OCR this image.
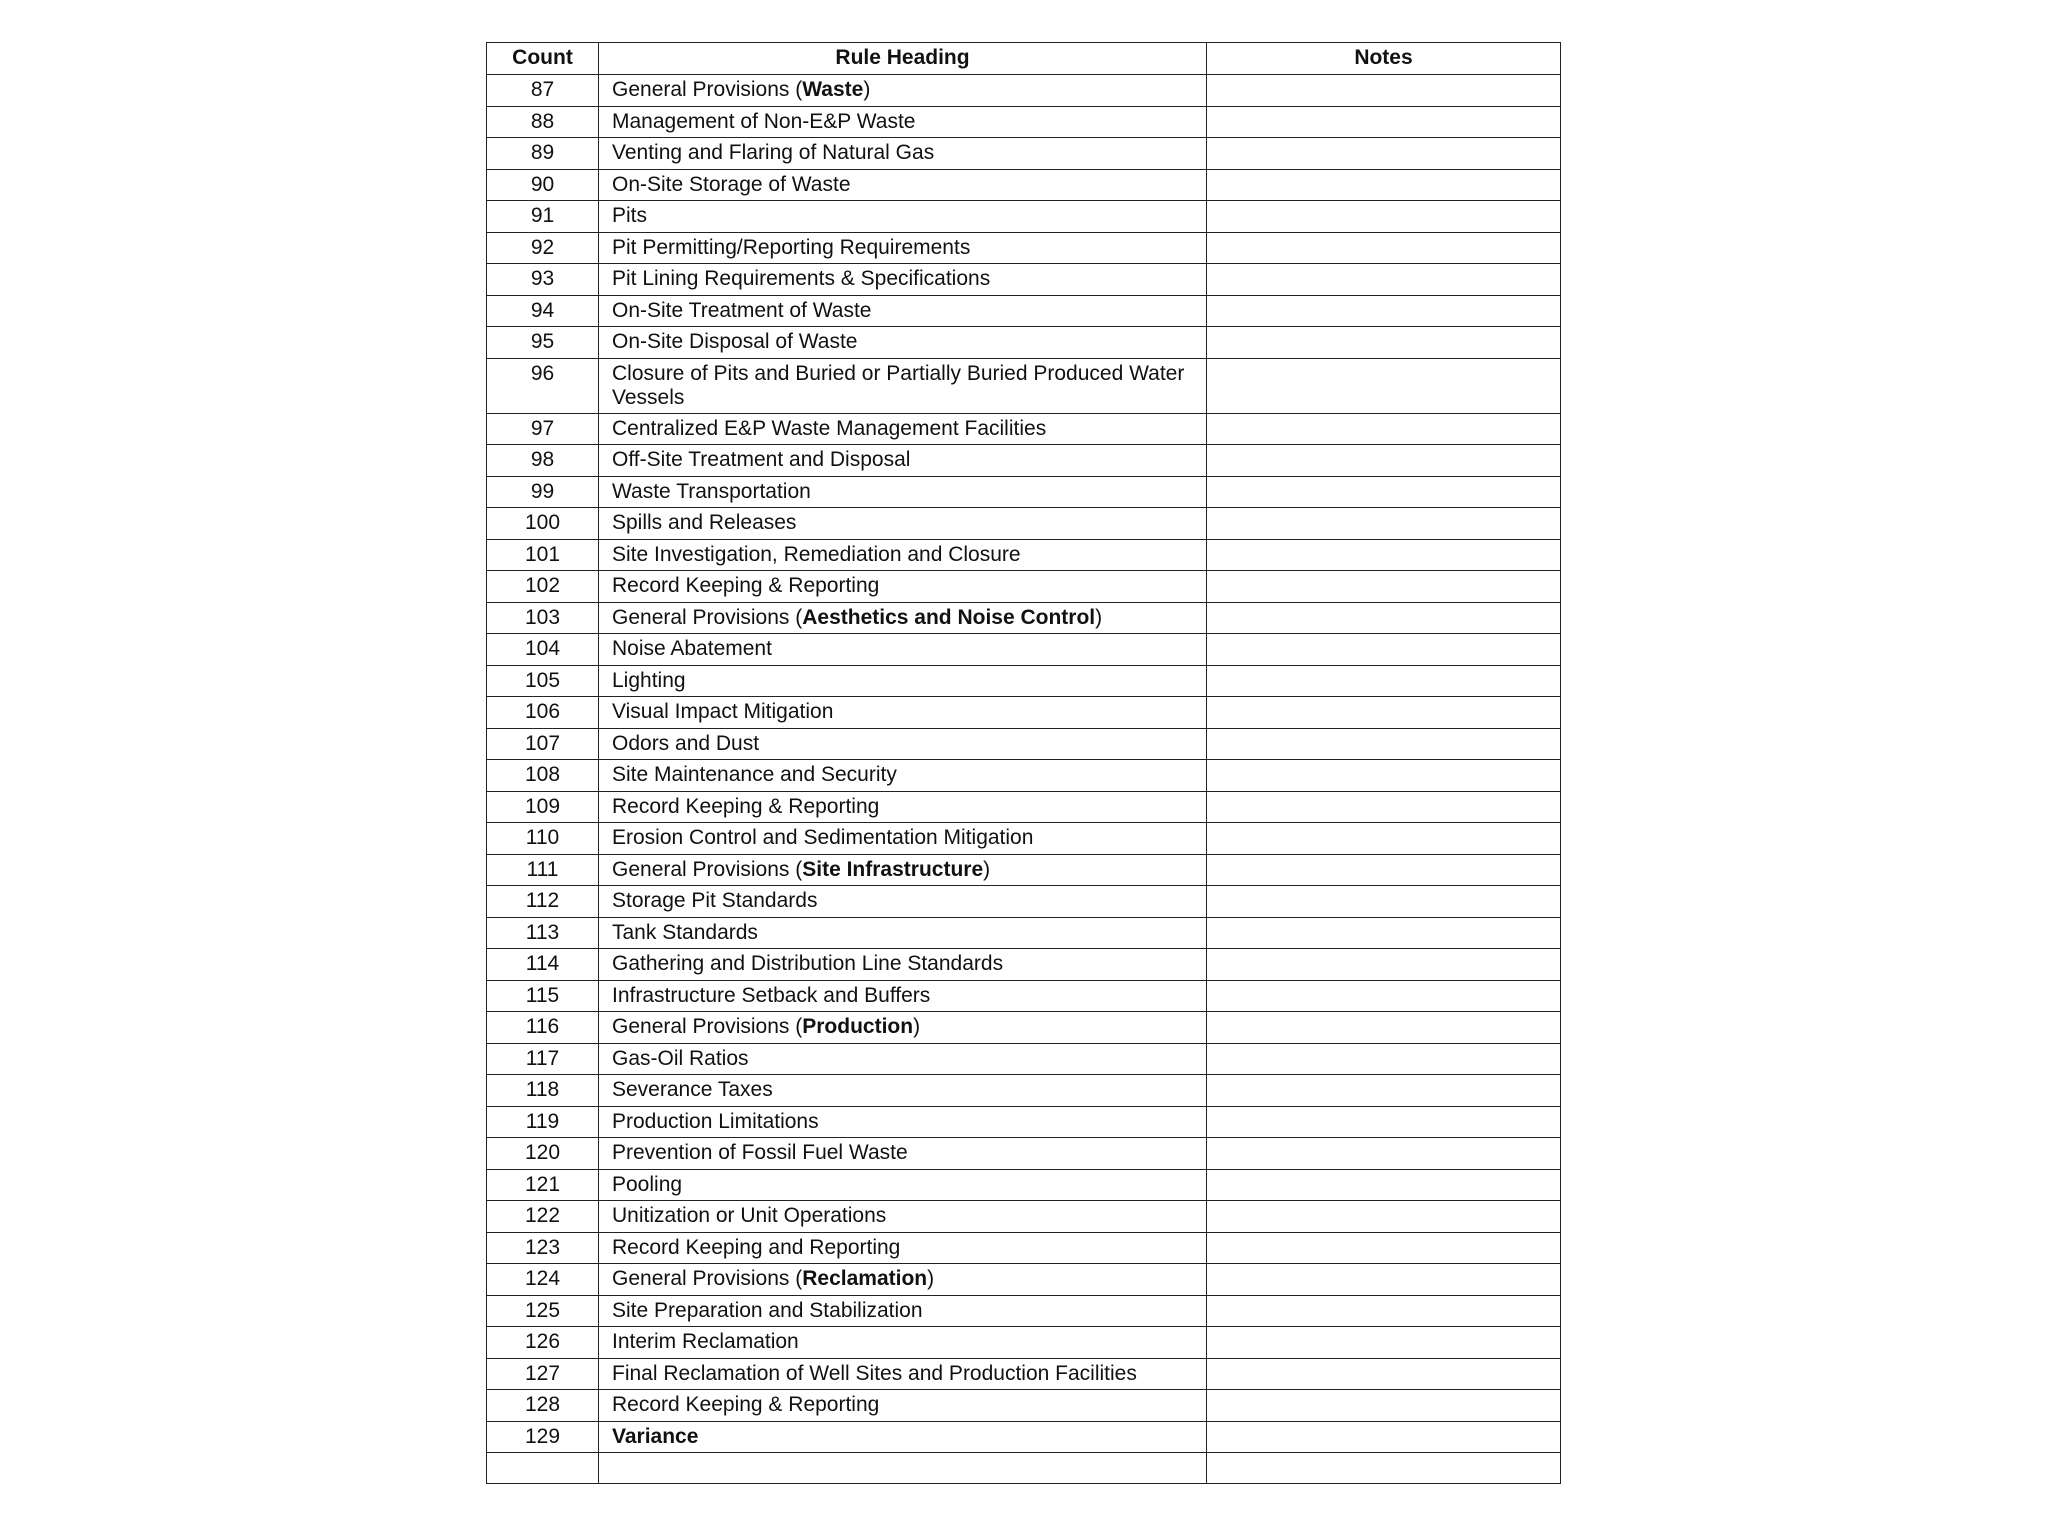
Count	Rule Heading	Notes
87	General Provisions (Waste)	
88	Management of Non-E&P Waste	
89	Venting and Flaring of Natural Gas	
90	On-Site Storage of Waste	
91	Pits	
92	Pit Permitting/Reporting Requirements	
93	Pit Lining Requirements & Specifications	
94	On-Site Treatment of Waste	
95	On-Site Disposal of Waste	
96	Closure of Pits and Buried or Partially Buried Produced Water Vessels	
97	Centralized E&P Waste Management Facilities	
98	Off-Site Treatment and Disposal	
99	Waste Transportation	
100	Spills and Releases	
101	Site Investigation, Remediation and Closure	
102	Record Keeping & Reporting	
103	General Provisions (Aesthetics and Noise Control)	
104	Noise Abatement	
105	Lighting	
106	Visual Impact Mitigation	
107	Odors and Dust	
108	Site Maintenance and Security	
109	Record Keeping & Reporting	
110	Erosion Control and Sedimentation Mitigation	
111	General Provisions (Site Infrastructure)	
112	Storage Pit Standards	
113	Tank Standards	
114	Gathering and Distribution Line Standards	
115	Infrastructure Setback and Buffers	
116	General Provisions (Production)	
117	Gas-Oil Ratios	
118	Severance Taxes	
119	Production Limitations	
120	Prevention of Fossil Fuel Waste	
121	Pooling	
122	Unitization or Unit Operations	
123	Record Keeping and Reporting	
124	General Provisions (Reclamation)	
125	Site Preparation and Stabilization	
126	Interim Reclamation	
127	Final Reclamation of Well Sites and Production Facilities	
128	Record Keeping & Reporting	
129	Variance	
